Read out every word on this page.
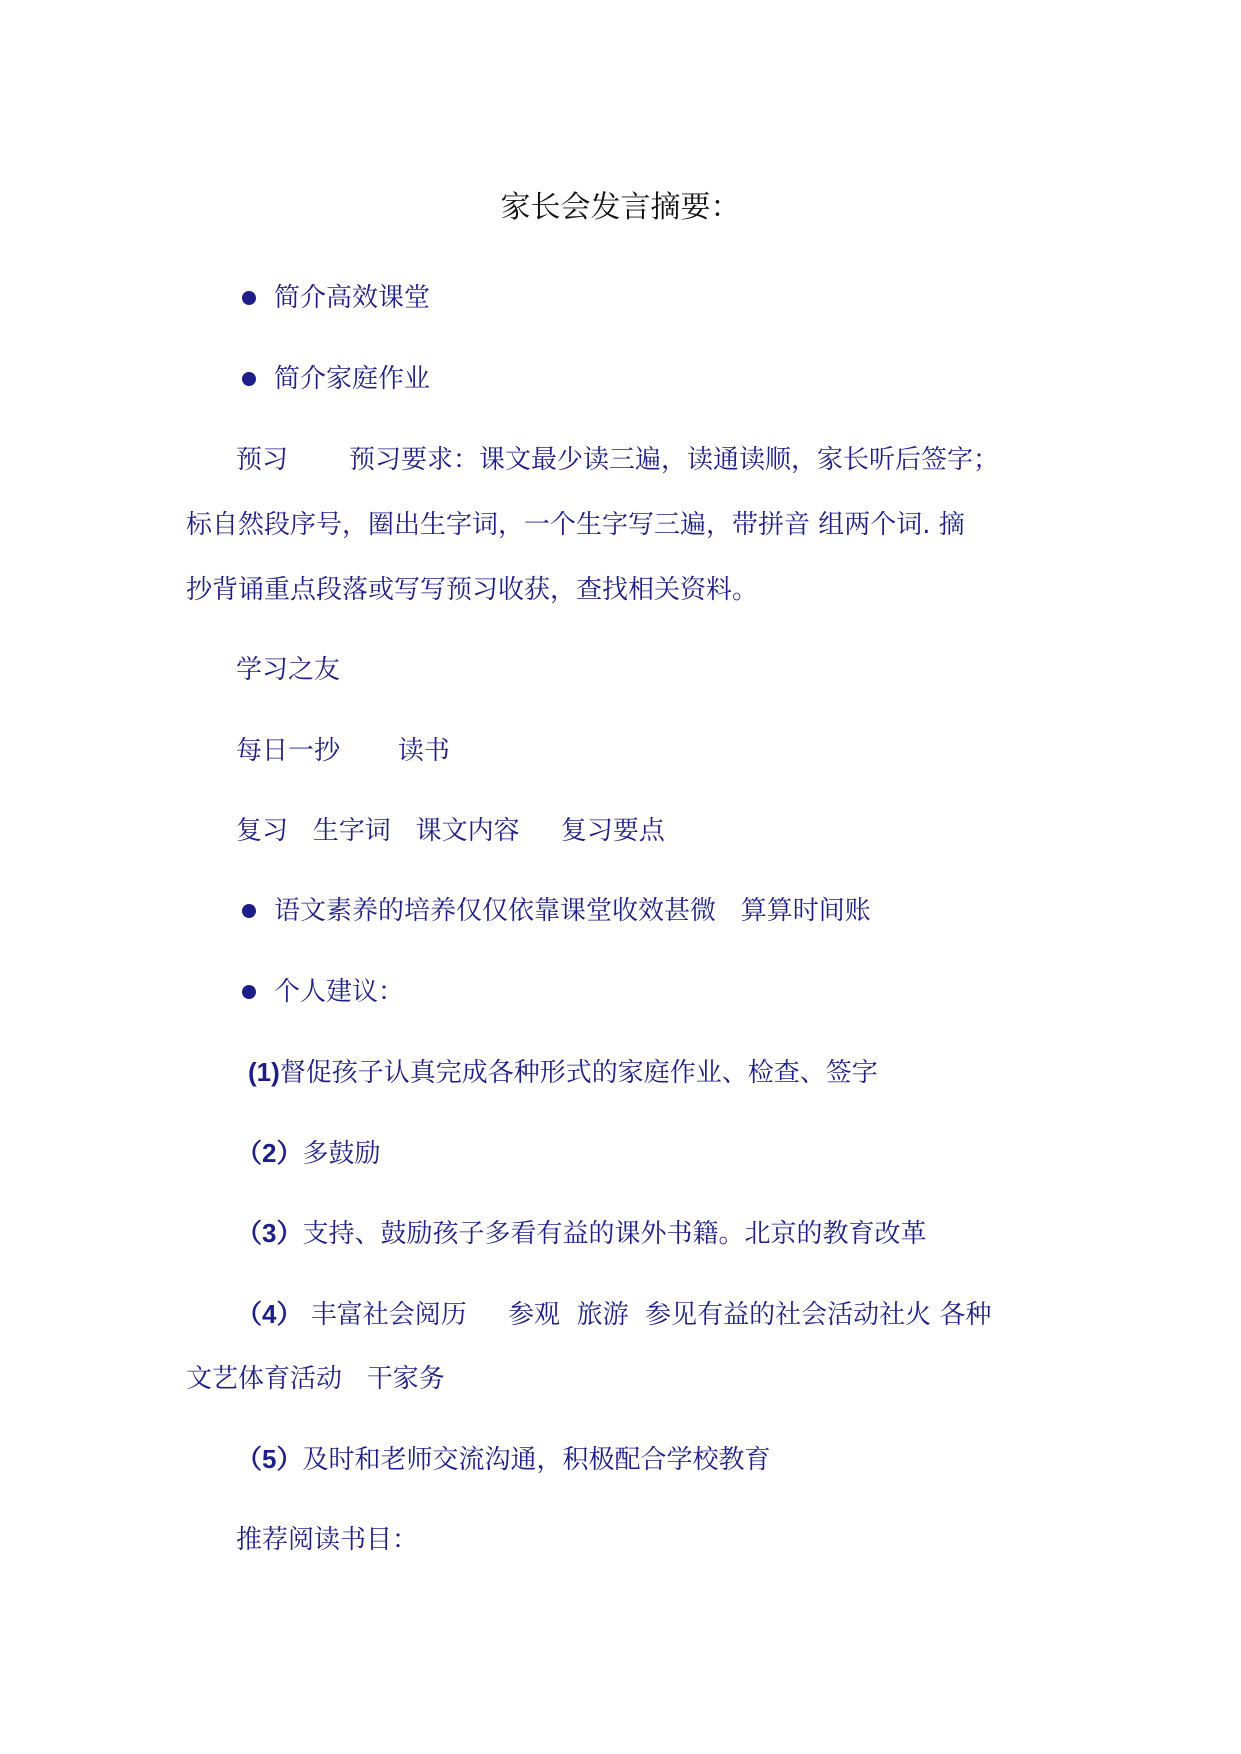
家长会发言摘要：
简介高效课堂
简介家庭作业
预习 预习要求：课文最少读三遍，读通读顺，家长听后签字；
标自然段序号，圈出生字词，一个生字写三遍，带拼音 组两个词. 摘
抄背诵重点段落或写写预习收获，查找相关资料。
学习之友
每日一抄       读书
复习   生字词   课文内容     复习要点
语文素养的培养仅仅依靠课堂收效甚微   算算时间账
个人建议：
(1)督促孩子认真完成各种形式的家庭作业、检查、签字
（2）多鼓励
（3）支持、鼓励孩子多看有益的课外书籍。北京的教育改革
（4） 丰富社会阅历     参观  旅游  参见有益的社会活动社火 各种
文艺体育活动   干家务
（5）及时和老师交流沟通，积极配合学校教育
推荐阅读书目：
